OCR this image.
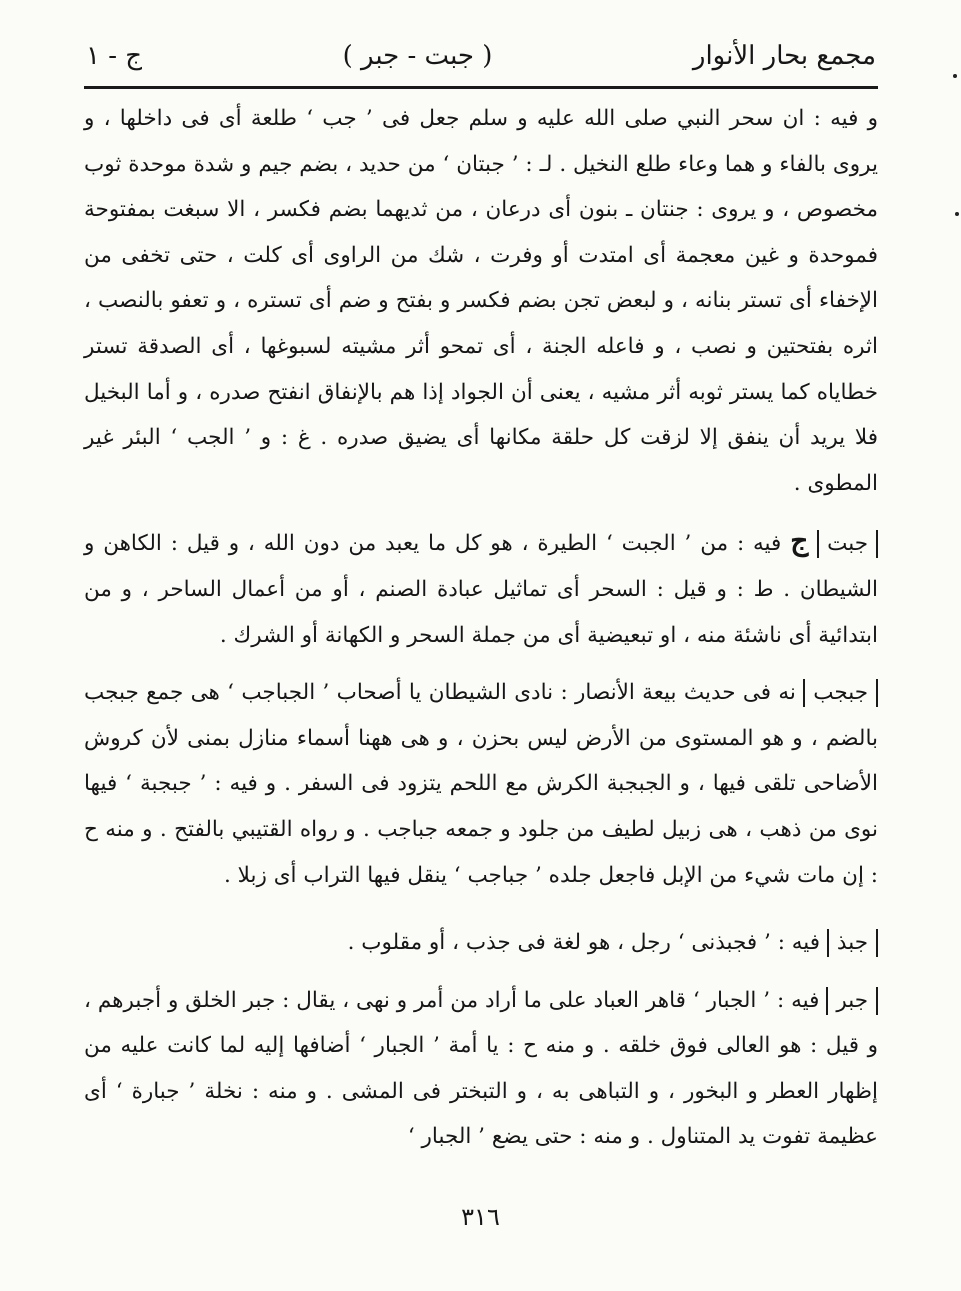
مجمع بحار الأنوار
( جبت - جبر )
ج - ١

و فيه : ان سحر النبي صلى الله عليه و سلم جعل فى ’ جب ‘ طلعة أى فى داخلها ، و يروى بالفاء و هما وعاء طلع النخيل . لـ : ’ جبتان ‘ من حديد ، بضم جيم و شدة موحدة ثوب مخصوص ، و يروى : جنتان ـ بنون أى درعان ، من ثديهما بضم فكسر ، الا سبغت بمفتوحة فموحدة و غين معجمة أى امتدت أو وفرت ، شك من الراوى أى كلت ، حتى تخفى من الإخفاء أى تستر بنانه ، و لبعض تجن بضم فكسر و بفتح و ضم أى تستره ، و تعفو بالنصب ، اثره بفتحتين و نصب ، و فاعله الجنة ، أى تمحو أثر مشيته لسبوغها ، أى الصدقة تستر خطاياه كما يستر ثوبه أثر مشيه ، يعنى أن الجواد إذا هم بالإنفاق انفتح صدره ، و أما البخيل فلا يريد أن ينفق إلا لزقت كل حلقة مكانها أى يضيق صدره . غ : و ’ الجب ‘ البئر غير المطوى .

جبت ج فيه : من ’ الجبت ‘ الطيرة ، هو كل ما يعبد من دون الله ، و قيل : الكاهن و الشيطان . ط : و قيل : السحر أى تماثيل عبادة الصنم ، أو من أعمال الساحر ، و من ابتدائية أى ناشئة منه ، او تبعيضية أى من جملة السحر و الكهانة أو الشرك .

جبجب نه فى حديث بيعة الأنصار : نادى الشيطان يا أصحاب ’ الجباجب ‘ هى جمع جبجب بالضم ، و هو المستوى من الأرض ليس بحزن ، و هى ههنا أسماء منازل بمنى لأن كروش الأضاحى تلقى فيها ، و الجبجبة الكرش مع اللحم يتزود فى السفر . و فيه : ’ جبجبة ‘ فيها نوى من ذهب ، هى زبيل لطيف من جلود و جمعه جباجب . و رواه القتيبي بالفتح . و منه ح : إن مات شيء من الإبل فاجعل جلده ’ جباجب ‘ ينقل فيها التراب أى زبلا .

جبذ فيه : ’ فجبذنى ‘ رجل ، هو لغة فى جذب ، أو مقلوب .

جبر فيه : ’ الجبار ‘ قاهر العباد على ما أراد من أمر و نهى ، يقال : جبر الخلق و أجبرهم ، و قيل : هو العالى فوق خلقه . و منه ح : يا أمة ’ الجبار ‘ أضافها إليه لما كانت عليه من إظهار العطر و البخور ، و التباهى به ، و التبختر فى المشى . و منه : نخلة ’ جبارة ‘ أى عظيمة تفوت يد المتناول . و منه : حتى يضع ’ الجبار ‘

٣١٦
